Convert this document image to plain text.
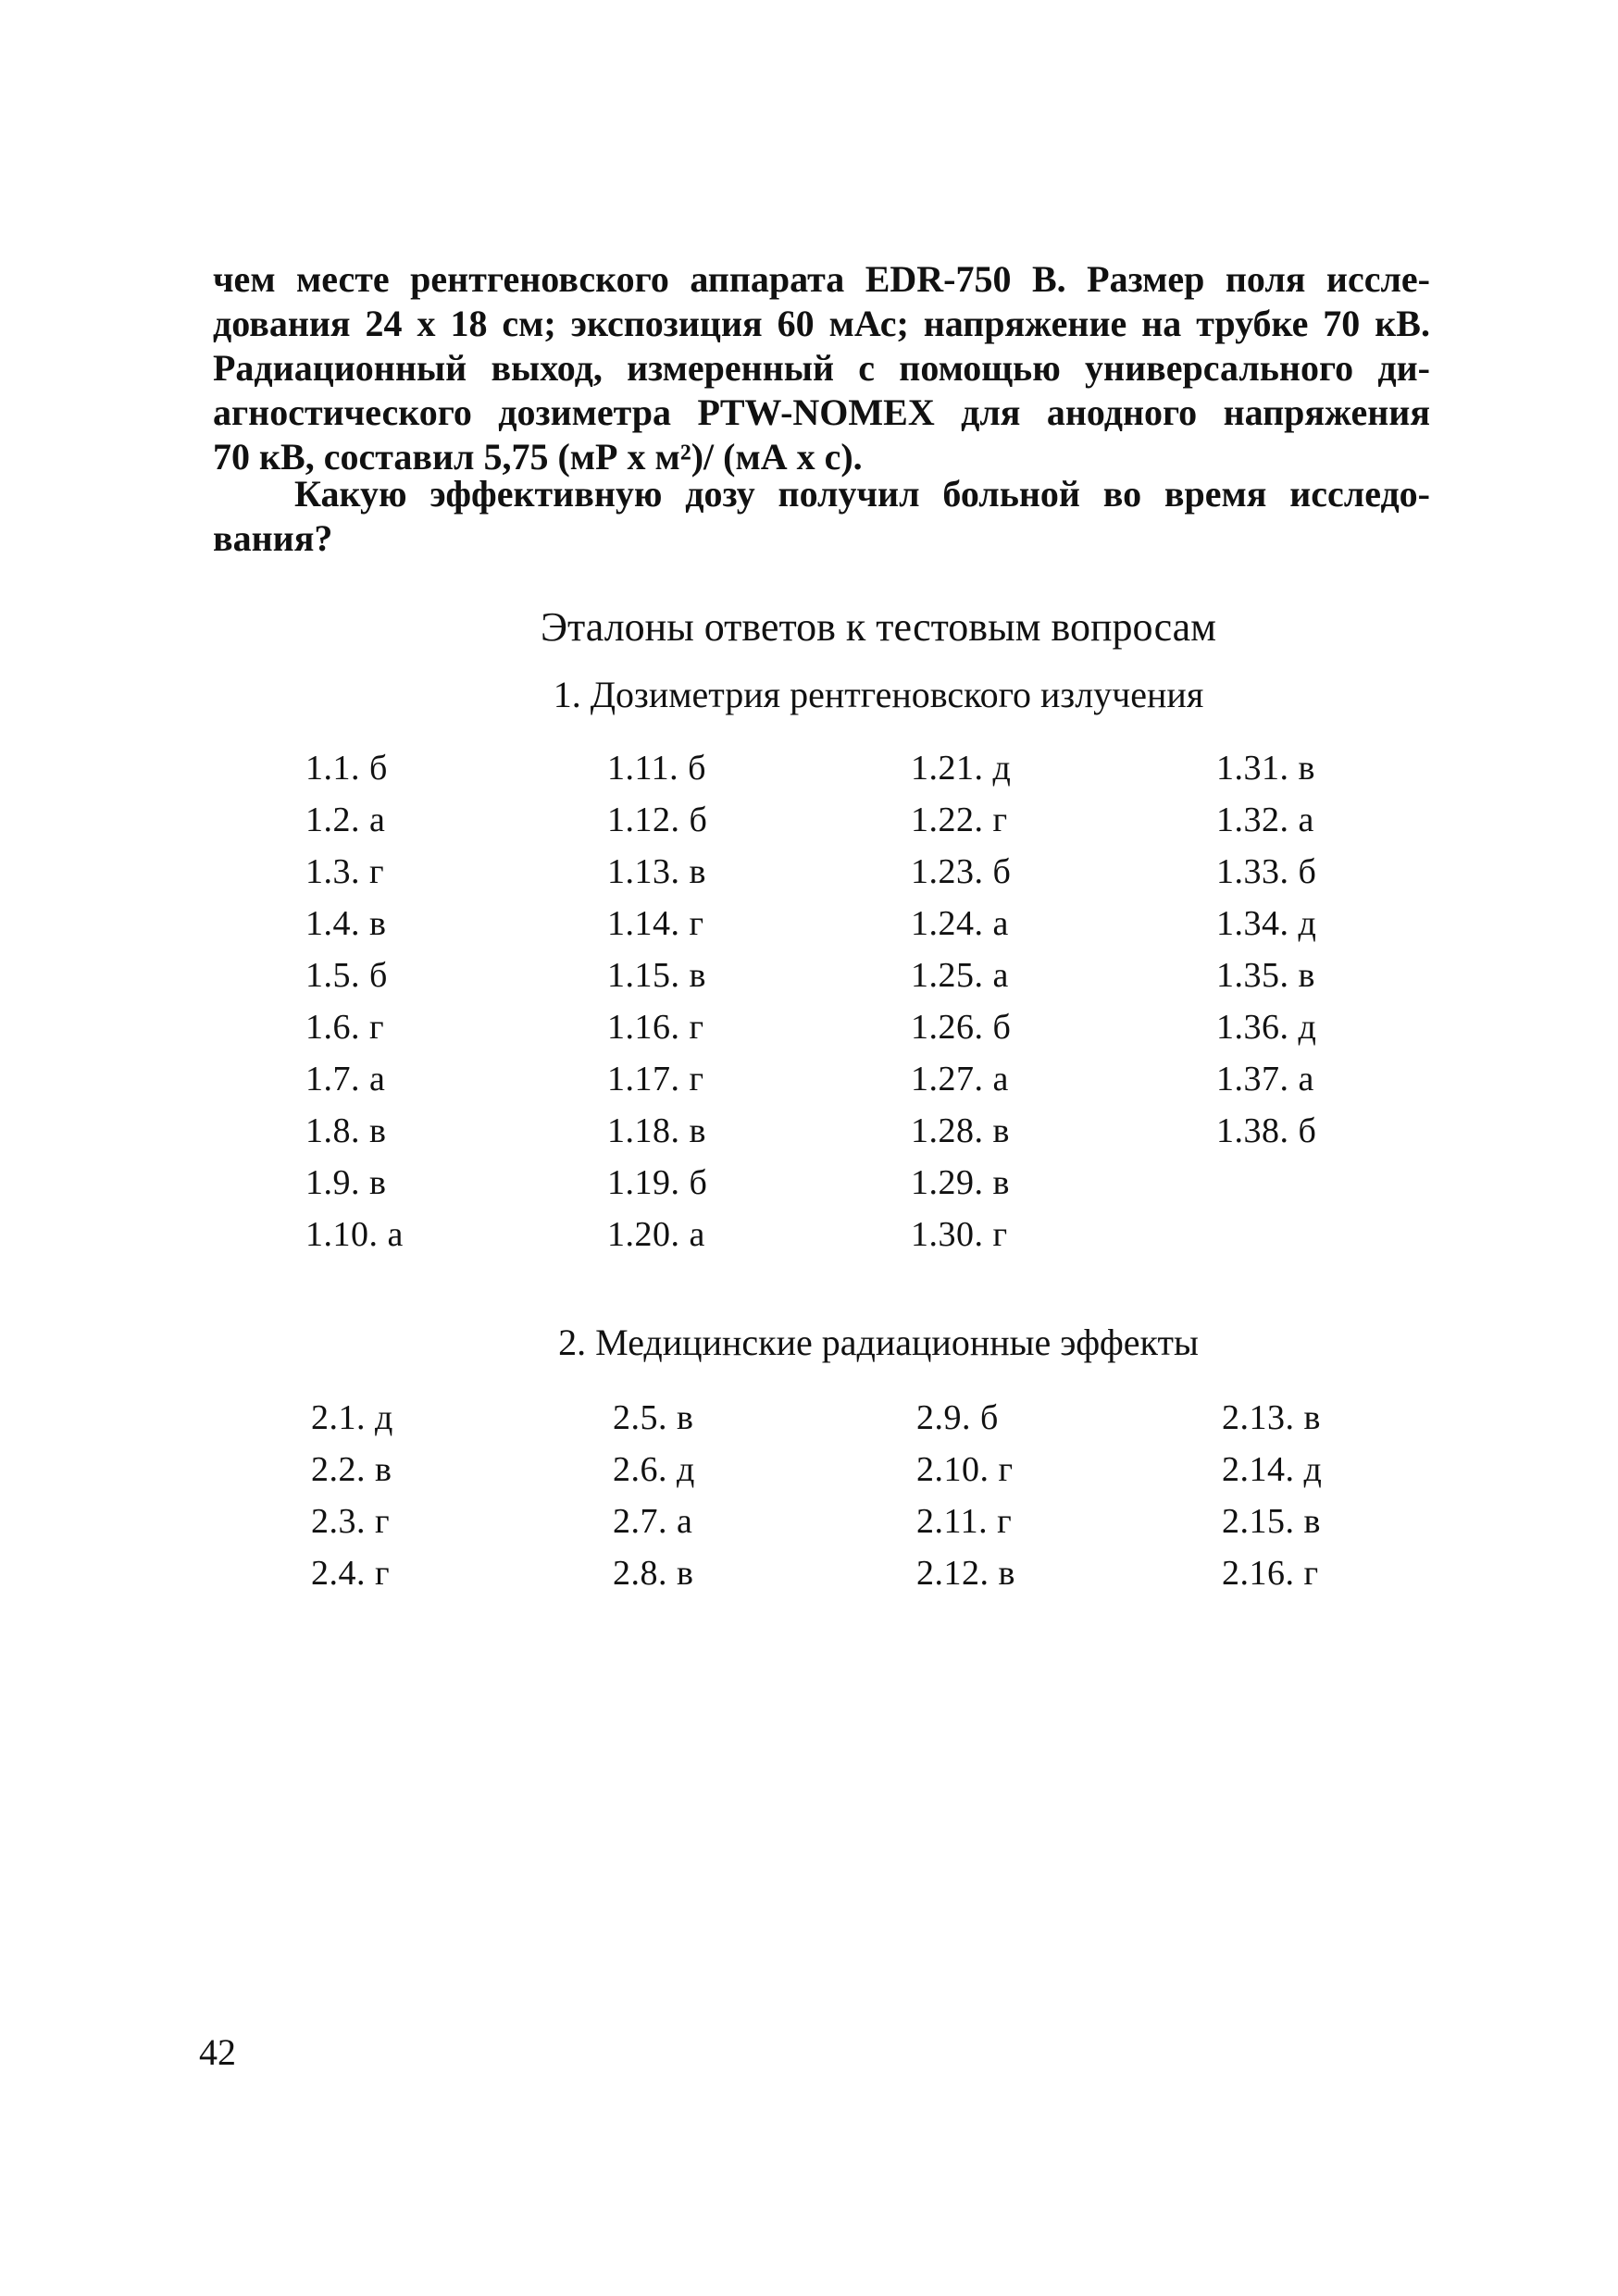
чем месте рентгеновского аппарата EDR-750 В. Размер поля иссле-
дования 24 х 18 см; экспозиция 60 мАс; напряжение на трубке 70 кВ.
Радиационный выход, измеренный с помощью универсального ди-
агностического дозиметра PTW-NOMEX для анодного напряжения
70 кВ, составил 5,75 (мР х м²)/ (мА х с).
Какую эффективную дозу получил больной во время исследо-
вания?
Эталоны ответов к тестовым вопросам
1. Дозиметрия рентгеновского излучения
1.1. б
1.2. а
1.3. г
1.4. в
1.5. б
1.6. г
1.7. а
1.8. в
1.9. в
1.10. а
1.11. б
1.12. б
1.13. в
1.14. г
1.15. в
1.16. г
1.17. г
1.18. в
1.19. б
1.20. а
1.21. д
1.22. г
1.23. б
1.24. а
1.25. а
1.26. б
1.27. а
1.28. в
1.29. в
1.30. г
1.31. в
1.32. а
1.33. б
1.34. д
1.35. в
1.36. д
1.37. а
1.38. б
2. Медицинские радиационные эффекты
2.1. д
2.2. в
2.3. г
2.4. г
2.5. в
2.6. д
2.7. а
2.8. в
2.9. б
2.10. г
2.11. г
2.12. в
2.13. в
2.14. д
2.15. в
2.16. г
42
